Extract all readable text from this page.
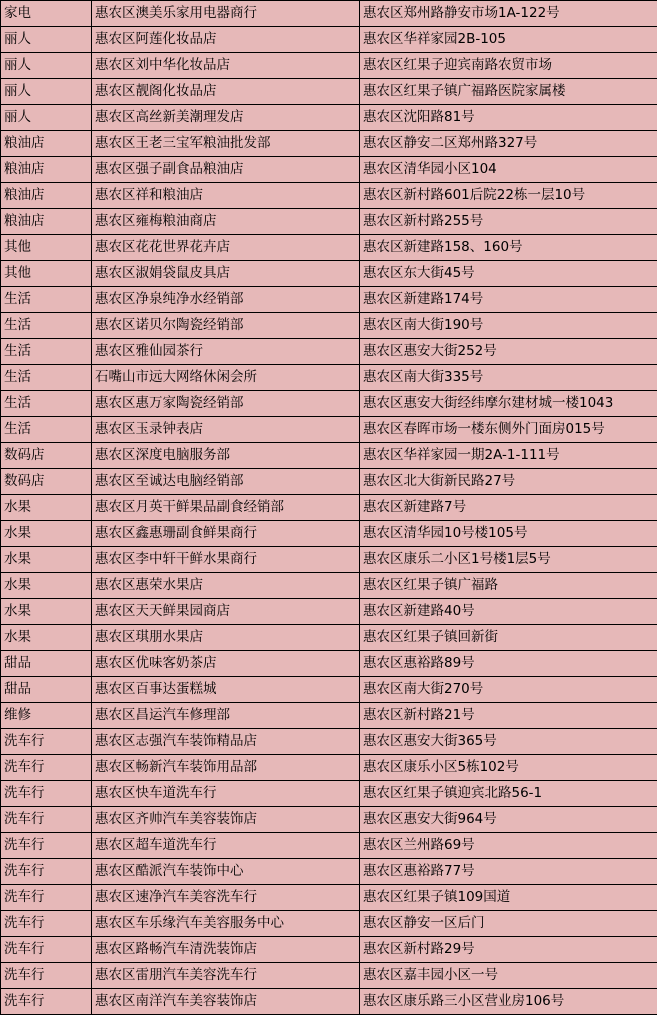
家电	惠农区澳美乐家用电器商行	惠农区郑州路静安市场1A-122号
丽人	惠农区阿莲化妆品店	惠农区华祥家园2B-105
丽人	惠农区刘中华化妆品店	惠农区红果子迎宾南路农贸市场
丽人	惠农区靓阁化妆品店	惠农区红果子镇广福路医院家属楼
丽人	惠农区高丝新美潮理发店	惠农区沈阳路81号
粮油店	惠农区王老三宝军粮油批发部	惠农区静安二区郑州路327号
粮油店	惠农区强子副食品粮油店	惠农区清华园小区104
粮油店	惠农区祥和粮油店	惠农区新村路601后院22栋一层10号
粮油店	惠农区雍梅粮油商店	惠农区新村路255号
其他	惠农区花花世界花卉店	惠农区新建路158、160号
其他	惠农区淑娟袋鼠皮具店	惠农区东大街45号
生活	惠农区净泉纯净水经销部	惠农区新建路174号
生活	惠农区诺贝尔陶瓷经销部	惠农区南大街190号
生活	惠农区雅仙园茶行	惠农区惠安大街252号
生活	石嘴山市远大网络休闲会所	惠农区南大街335号
生活	惠农区惠万家陶瓷经销部	惠农区惠安大街经纬摩尔建材城一楼1043
生活	惠农区玉录钟表店	惠农区春晖市场一楼东侧外门面房015号
数码店	惠农区深度电脑服务部	惠农区华祥家园一期2A-1-111号
数码店	惠农区至诚达电脑经销部	惠农区北大街新民路27号
水果	惠农区月英干鲜果品副食经销部	惠农区新建路7号
水果	惠农区鑫惠珊副食鲜果商行	惠农区清华园10号楼105号
水果	惠农区李中轩干鲜水果商行	惠农区康乐二小区1号楼1层5号
水果	惠农区惠荣水果店	惠农区红果子镇广福路
水果	惠农区天天鲜果园商店	惠农区新建路40号
水果	惠农区琪朋水果店	惠农区红果子镇回新街
甜品	惠农区优味客奶茶店	惠农区惠裕路89号
甜品	惠农区百事达蛋糕城	惠农区南大街270号
维修	惠农区昌运汽车修理部	惠农区新村路21号
洗车行	惠农区志强汽车装饰精品店	惠农区惠安大街365号
洗车行	惠农区畅新汽车装饰用品部	惠农区康乐小区5栋102号
洗车行	惠农区快车道洗车行	惠农区红果子镇迎宾北路56-1
洗车行	惠农区齐帅汽车美容装饰店	惠农区惠安大街964号
洗车行	惠农区超车道洗车行	惠农区兰州路69号
洗车行	惠农区酷派汽车装饰中心	惠农区惠裕路77号
洗车行	惠农区速净汽车美容洗车行	惠农区红果子镇109国道
洗车行	惠农区车乐缘汽车美容服务中心	惠农区静安一区后门
洗车行	惠农区路畅汽车清洗装饰店	惠农区新村路29号
洗车行	惠农区雷朋汽车美容洗车行	惠农区嘉丰园小区一号
洗车行	惠农区南洋汽车美容装饰店	惠农区康乐路三小区营业房106号
